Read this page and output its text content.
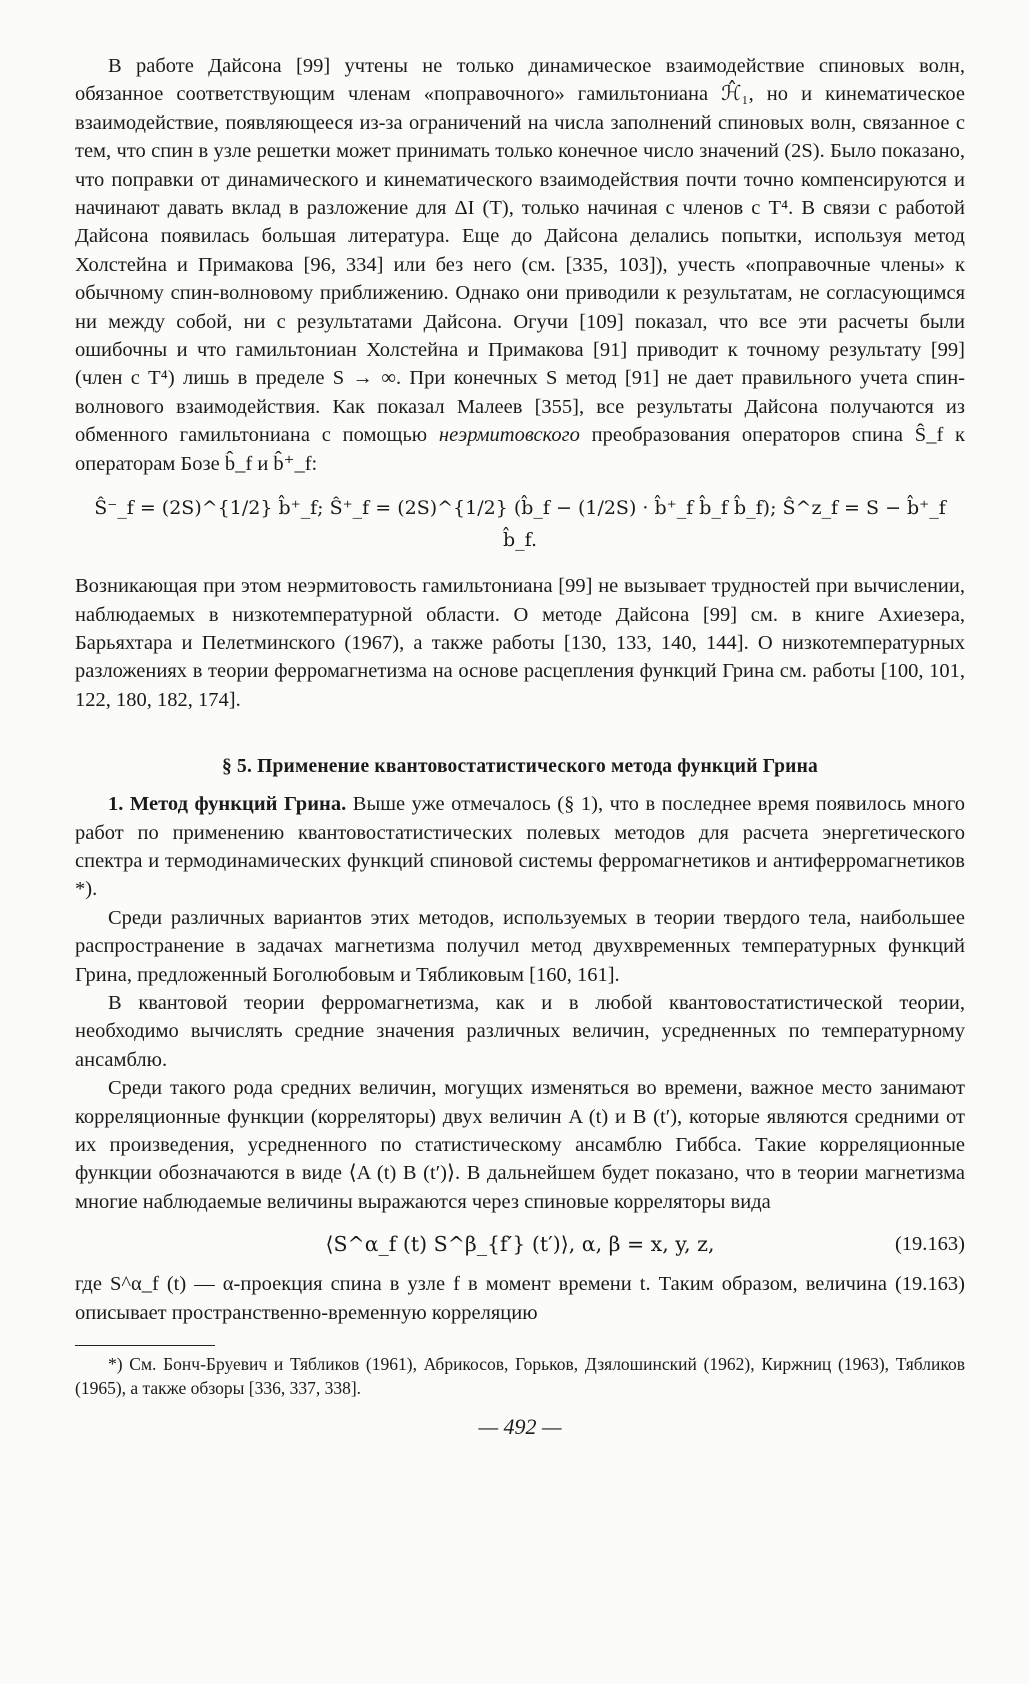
В работе Дайсона [99] учтены не только динамическое взаимодействие спиновых волн, обязанное соответствующим членам «поправочного» гамильтониана ℋ̂₁, но и кинематическое взаимодействие, появляющееся из-за ограничений на числа заполнений спиновых волн, связанное с тем, что спин в узле решетки может принимать только конечное число значений (2S). Было показано, что поправки от динамического и кинематического взаимодействия почти точно компенсируются и начинают давать вклад в разложение для ΔI (T), только начиная с членов с T⁴. В связи с работой Дайсона появилась большая литература. Еще до Дайсона делались попытки, используя метод Холстейна и Примакова [96, 334] или без него (см. [335, 103]), учесть «поправочные члены» к обычному спин-волновому приближению. Однако они приводили к результатам, не согласующимся ни между собой, ни с результатами Дайсона. Огучи [109] показал, что все эти расчеты были ошибочны и что гамильтониан Холстейна и Примакова [91] приводит к точному результату [99] (член с T⁴) лишь в пределе S → ∞. При конечных S метод [91] не дает правильного учета спин-волнового взаимодействия. Как показал Малеев [355], все результаты Дайсона получаются из обменного гамильтониана с помощью неэрмитовского преобразования операторов спина Ŝ_f к операторам Бозе b̂_f и b̂⁺_f:

Ŝ⁻_f = (2S)^{1/2} b̂⁺_f; Ŝ⁺_f = (2S)^{1/2} (b̂_f − (1/2S) · b̂⁺_f b̂_f b̂_f); Ŝ^z_f = S − b̂⁺_f b̂_f.

Возникающая при этом неэрмитовость гамильтониана [99] не вызывает трудностей при вычислении, наблюдаемых в низкотемпературной области. О методе Дайсона [99] см. в книге Ахиезера, Барьяхтара и Пелетминского (1967), а также работы [130, 133, 140, 144]. О низкотемпературных разложениях в теории ферромагнетизма на основе расцепления функций Грина см. работы [100, 101, 122, 180, 182, 174].

§ 5. Применение квантовостатистического метода функций Грина

1. Метод функций Грина. Выше уже отмечалось (§ 1), что в последнее время появилось много работ по применению квантовостатистических полевых методов для расчета энергетического спектра и термодинамических функций спиновой системы ферромагнетиков и антиферромагнетиков *).

Среди различных вариантов этих методов, используемых в теории твердого тела, наибольшее распространение в задачах магнетизма получил метод двухвременных температурных функций Грина, предложенный Боголюбовым и Тябликовым [160, 161].

В квантовой теории ферромагнетизма, как и в любой квантовостатистической теории, необходимо вычислять средние значения различных величин, усредненных по температурному ансамблю.

Среди такого рода средних величин, могущих изменяться во времени, важное место занимают корреляционные функции (корреляторы) двух величин A (t) и B (t′), которые являются средними от их произведения, усредненного по статистическому ансамблю Гиббса. Такие корреляционные функции обозначаются в виде ⟨A (t) B (t′)⟩. В дальнейшем будет показано, что в теории магнетизма многие наблюдаемые величины выражаются через спиновые корреляторы вида

⟨S^α_f (t) S^β_{f′} (t′)⟩, α, β = x, y, z,	(19.163)

где S^α_f (t) — α-проекция спина в узле f в момент времени t. Таким образом, величина (19.163) описывает пространственно-временную корреляцию

*) См. Бонч-Бруевич и Тябликов (1961), Абрикосов, Горьков, Дзялошинский (1962), Киржниц (1963), Тябликов (1965), а также обзоры [336, 337, 338].

— 492 —
